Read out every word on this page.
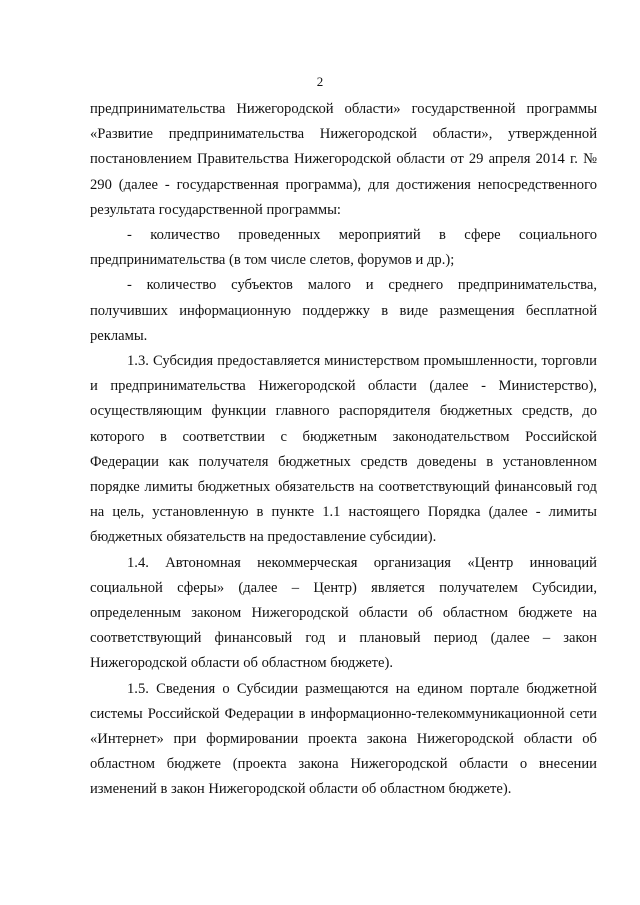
2

предпринимательства Нижегородской области» государственной программы «Развитие предпринимательства Нижегородской области», утвержденной постановлением Правительства Нижегородской области от 29 апреля 2014 г. № 290 (далее - государственная программа), для достижения непосредственного результата государственной программы:

- количество проведенных мероприятий в сфере социального предпринимательства (в том числе слетов, форумов и др.);

- количество субъектов малого и среднего предпринимательства, получивших информационную поддержку в виде размещения бесплатной рекламы.

1.3. Субсидия предоставляется министерством промышленности, торговли и предпринимательства Нижегородской области (далее - Министерство), осуществляющим функции главного распорядителя бюджетных средств, до которого в соответствии с бюджетным законодательством Российской Федерации как получателя бюджетных средств доведены в установленном порядке лимиты бюджетных обязательств на соответствующий финансовый год на цель, установленную в пункте 1.1 настоящего Порядка (далее - лимиты бюджетных обязательств на предоставление субсидии).

1.4. Автономная некоммерческая организация «Центр инноваций социальной сферы» (далее – Центр) является получателем Субсидии, определенным законом Нижегородской области об областном бюджете на соответствующий финансовый год и плановый период (далее – закон Нижегородской области об областном бюджете).

1.5. Сведения о Субсидии размещаются на едином портале бюджетной системы Российской Федерации в информационно-телекоммуникационной сети «Интернет» при формировании проекта закона Нижегородской области об областном бюджете (проекта закона Нижегородской области о внесении изменений в закон Нижегородской области об областном бюджете).
